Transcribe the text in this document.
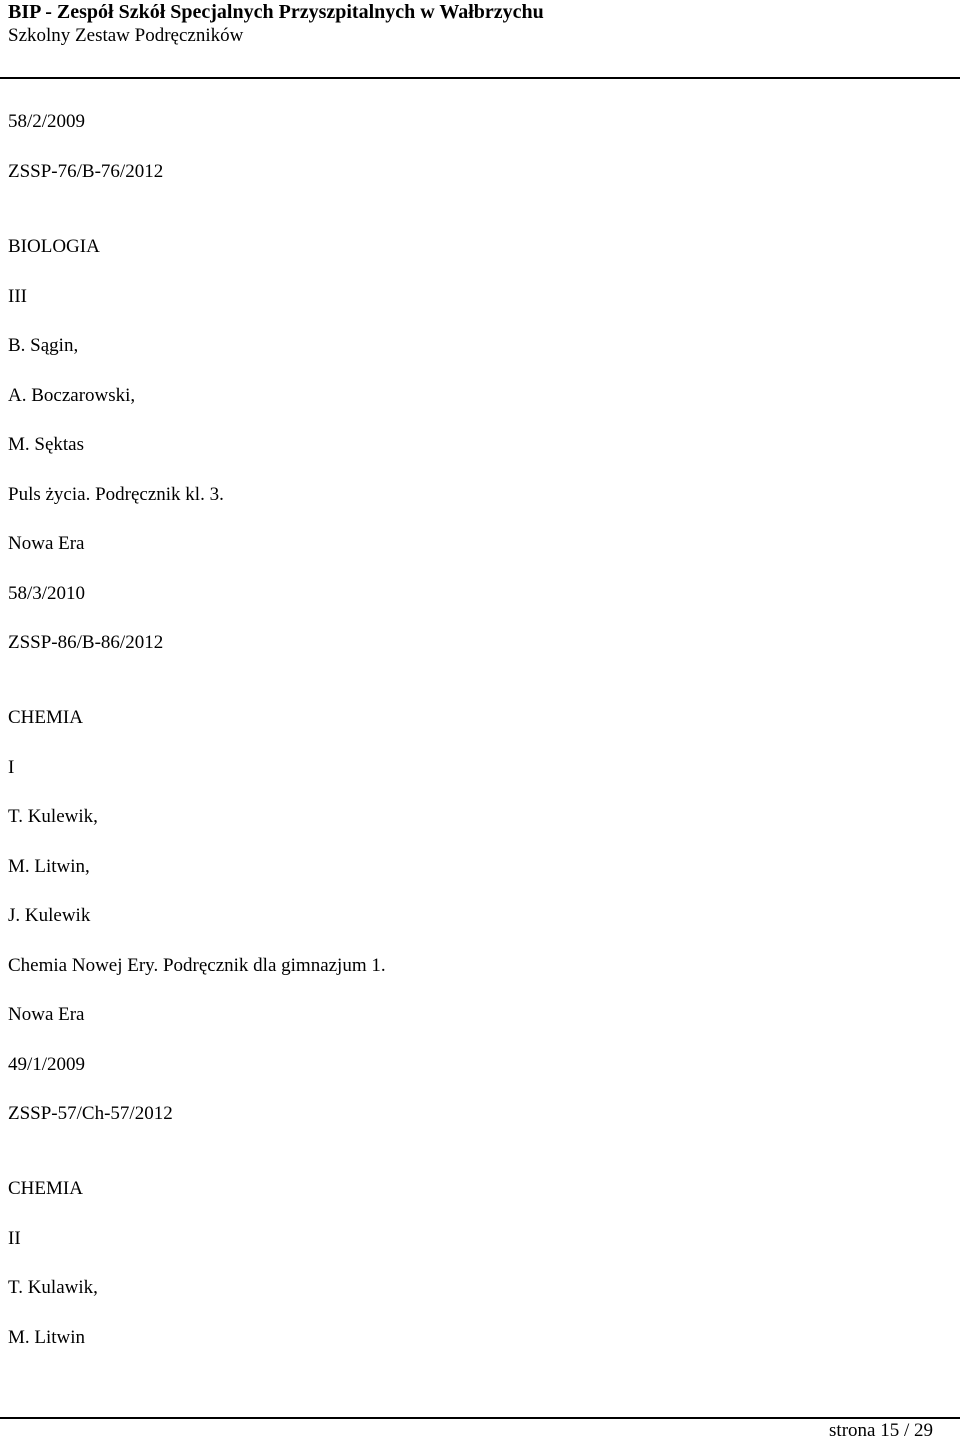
BIP - Zespół Szkół Specjalnych Przyszpitalnych w Wałbrzychu
Szkolny Zestaw Podręczników
58/2/2009
ZSSP-76/B-76/2012
BIOLOGIA
III
B. Sągin,
A. Boczarowski,
M. Sęktas
Puls życia. Podręcznik kl. 3.
Nowa Era
58/3/2010
ZSSP-86/B-86/2012
CHEMIA
I
T. Kulewik,
M. Litwin,
J. Kulewik
Chemia Nowej Ery. Podręcznik dla gimnazjum 1.
Nowa Era
49/1/2009
ZSSP-57/Ch-57/2012
CHEMIA
II
T. Kulawik,
M. Litwin
strona 15 / 29
